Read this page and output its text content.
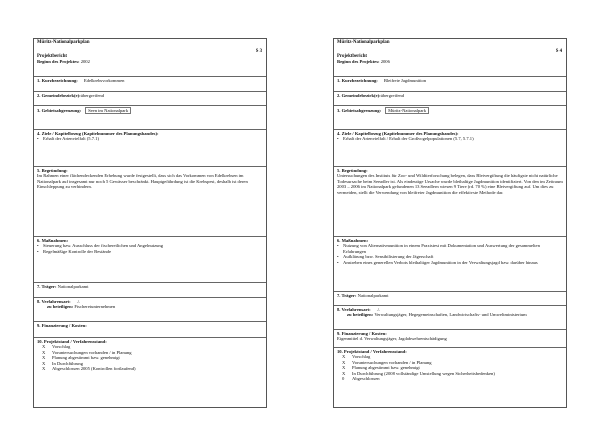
Müritz-Nationalparkplan
S 3
Projektbericht
Beginn des Projektes:
2002
1. Kurzbezeichnung: Edelkrebsvorkommen
2. Gemeindebezirk(e): übergreifend
3. Gebietsabgrenzung:	Seen im Nationalpark
4. Ziele / Kapitelbezug (Kapitelnummer des Planungsbandes):
• Erhalt der Artenvielfalt (5.7.1)
5. Begründung:
Im Rahmen einer flächendeckenden Erhebung wurde festgestellt, dass sich das Vorkommen von Edelkrebsen im Nationalpark auf insgesamt nur noch 5 Gewässer beschränkt. Hauptgefährdung ist die Krebspest, deshalb ist deren Einschleppung zu verhindern.
6. Maßnahmen:
• Steuerung bzw. Ausschluss der fischereilichen und Angelnutzung
• Regelmäßige Kontrolle der Bestände
7. Träger:
Nationalparkamt
8. Verfahrensart: ./.
zu beteiligen:
Fischereiunternehmen
9. Finanzierung / Kosten:

10. Projektstand / Verfahrensstand:
X	Vorschlag
X	Voruntersuchungen vorhanden / in Planung
X	Planung abgestimmt bzw. genehmigt
X	In Durchführung
X	Abgeschlossen 2005 (Kontrollen fortlaufend)
Müritz-Nationalparkplan
S 4
Projektbericht
Beginn des Projektes:
2006
1. Kurzbezeichnung: Bleifreie Jagdmunition
2. Gemeindebezirk(e): übergreifend
3. Gebietsabgrenzung:	Müritz-Nationalpark
4. Ziele / Kapitelbezug (Kapitelnummer des Planungsbandes):
• Erhalt der Artenvielfalt / Erhalt der Großvogelpopulationen (5.7, 5.7.1)
5. Begründung:
Untersuchungen des Instituts für Zoo- und Wildtierforschung belegen, dass Bleivergiftung die häufigste nicht natürliche Todesursache beim Seeadler ist. Als eindeutige Ursache wurde bleihaltige Jagdmunition identifiziert. Von den im Zeitraum 2003 – 2006 im Nationalpark gefundenen 13 Seeadlern wiesen 9 Tiere (rd. 70 %) eine Bleivergiftung auf. Um dies zu vermeiden, stellt die Verwendung von bleifreier Jagdmunition die effektivste Methode dar.
6. Maßnahmen:
• Nutzung von Alternativmunition in einem Praxistest mit Dokumentation und Auswertung der gesammelten Erfahrungen
• Aufklärung bzw. Sensibilisierung der Jägerschaft
• Anstreben eines generellen Verbots bleihaltiger Jagdmunition in der Verwaltungsjagd bzw. darüber hinaus
7. Träger:
Nationalparkamt
8. Verfahrensart: ./.
zu beteiligen:
Verwaltungsjäger, Hegegemeinschaften, Landwirtschafts- und Umweltministerium
9. Finanzierung / Kosten:
Eigenmittel d. Verwaltungsjäger, Jagdabwehrentschädigung
10. Projektstand / Verfahrensstand:
X	Vorschlag
X	Voruntersuchungen vorhanden / in Planung
X	Planung abgestimmt bzw. genehmigt
X	In Durchführung (2008 vollständige Umstellung wegen Sicherheitsbedenken)
0	Abgeschlossen
